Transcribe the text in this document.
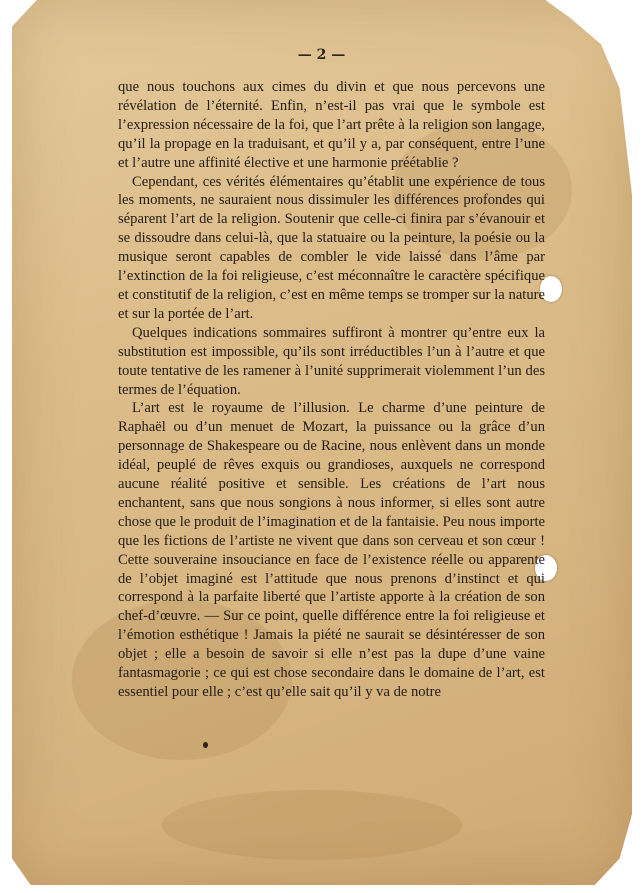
— 2 —

que nous touchons aux cimes du divin et que nous percevons une révélation de l’éternité. Enfin, n’est-il pas vrai que le symbole est l’expression nécessaire de la foi, que l’art prête à la religion son langage, qu’il la propage en la traduisant, et qu’il y a, par conséquent, entre l’une et l’autre une affinité élective et une harmonie préétablie ?

Cependant, ces vérités élémentaires qu’établit une expérience de tous les moments, ne sauraient nous dissimuler les différences profondes qui séparent l’art de la religion. Soutenir que celle-ci finira par s’évanouir et se dissoudre dans celui-là, que la statuaire ou la peinture, la poésie ou la musique seront capables de combler le vide laissé dans l’âme par l’extinction de la foi religieuse, c’est méconnaître le caractère spécifique et constitutif de la religion, c’est en même temps se tromper sur la nature et sur la portée de l’art.

Quelques indications sommaires suffiront à montrer qu’entre eux la substitution est impossible, qu’ils sont irréductibles l’un à l’autre et que toute tentative de les ramener à l’unité supprimerait violemment l’un des termes de l’équation.

L’art est le royaume de l’illusion. Le charme d’une peinture de Raphaël ou d’un menuet de Mozart, la puissance ou la grâce d’un personnage de Shakespeare ou de Racine, nous enlèvent dans un monde idéal, peuplé de rêves exquis ou grandioses, auxquels ne correspond aucune réalité positive et sensible. Les créations de l’art nous enchantent, sans que nous songions à nous informer, si elles sont autre chose que le produit de l’imagination et de la fantaisie. Peu nous importe que les fictions de l’artiste ne vivent que dans son cerveau et son cœur ! Cette souveraine insouciance en face de l’existence réelle ou apparente de l’objet imaginé est l’attitude que nous prenons d’instinct et qui correspond à la parfaite liberté que l’artiste apporte à la création de son chef-d’œuvre. — Sur ce point, quelle différence entre la foi religieuse et l’émotion esthétique ! Jamais la piété ne saurait se désintéresser de son objet ; elle a besoin de savoir si elle n’est pas la dupe d’une vaine fantasmagorie ; ce qui est chose secondaire dans le domaine de l’art, est essentiel pour elle ; c’est qu’elle sait qu’il y va de notre
